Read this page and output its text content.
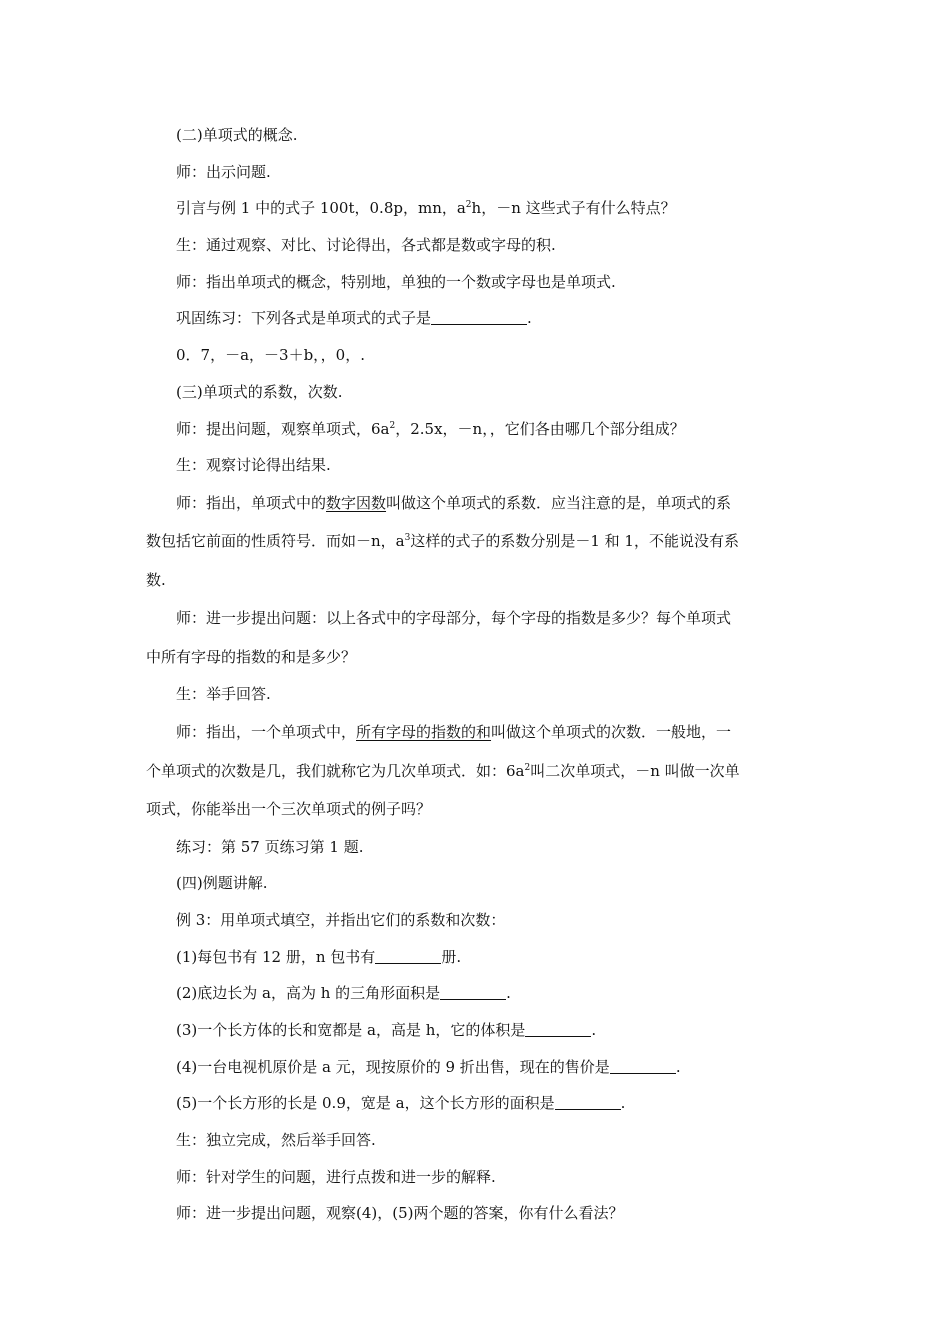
(二)单项式的概念.
师：出示问题.
引言与例 1 中的式子 100t，0.8p，mn，$a^2h$，－n 这些式子有什么特点？
生：通过观察、对比、讨论得出，各式都是数或字母的积.
师：指出单项式的概念，特别地，单独的一个数或字母也是单项式.
巩固练习：下列各式是单项式的式子是	.
0．7，－a，－3＋b，，0，.
(三)单项式的系数，次数.
师：提出问题，观察单项式，$6a^2$，2.5x，－n，，它们各由哪几个部分组成？
生：观察讨论得出结果.
师：指出，单项式中的数字因数叫做这个单项式的系数．应当注意的是，单项式的系
数包括它前面的性质符号．而如－n，$a^3$这样的式子的系数分别是－1 和 1，不能说没有系
数.
师：进一步提出问题：以上各式中的字母部分，每个字母的指数是多少？每个单项式
中所有字母的指数的和是多少？
生：举手回答.
师：指出，一个单项式中，所有字母的指数的和叫做这个单项式的次数．一般地，一
个单项式的次数是几，我们就称它为几次单项式．如：$6a^2$叫二次单项式，－n 叫做一次单
项式，你能举出一个三次单项式的例子吗？
练习：第 57 页练习第 1 题.
(四)例题讲解.
例 3：用单项式填空，并指出它们的系数和次数：
(1)每包书有 12 册，n 包书有	册.
(2)底边长为 a，高为 h 的三角形面积是	.
(3)一个长方体的长和宽都是 a，高是 h，它的体积是	.
(4)一台电视机原价是 a 元，现按原价的 9 折出售，现在的售价是	.
(5)一个长方形的长是 0.9，宽是 a，这个长方形的面积是	.
生：独立完成，然后举手回答.
师：针对学生的问题，进行点拨和进一步的解释.
师：进一步提出问题，观察(4)，(5)两个题的答案，你有什么看法？
